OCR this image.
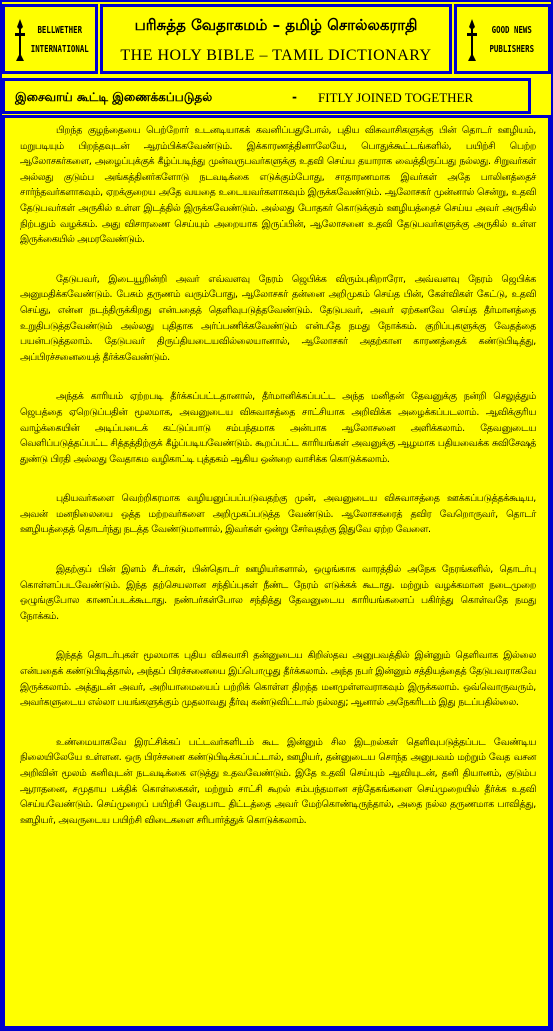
BELLWETHER
INTERNATIONAL
பரிசுத்த வேதாகமம் – தமிழ் சொல்லகராதி
THE HOLY BIBLE – TAMIL DICTIONARY
GOOD NEWS
PUBLISHERS
இசைவாய் கூட்டி இணைக்கப்படுதல்	- FITLY JOINED TOGETHER

பிறந்த குழந்தையை பெற்றோர் உடனடியாகக் கவனிப்பதுபோல், புதிய விசுவாசிகளுக்கு பின் தொடர் ஊழியம், மறுபடியும் பிறந்தவுடன் ஆரம்பிக்கவேண்டும். இக்காரணத்தினாலேயே, பொதுக்கூட்டங்களில், பயிற்சி பெற்ற ஆலோசகர்களை, அழைப்புக்குக் கீழ்ப்படிந்து முன்வருபவர்களுக்கு உதவி செய்ய தயாராக வைத்திருப்பது நல்லது. சிறுவர்கள் அல்லது குடும்ப அங்கத்தினர்களோடு நடவடிக்கை எடுக்கும்போது, சாதாரணமாக இவர்கள் அதே பாலினத்தைச் சார்ந்தவர்களாகவும், ஏறக்குறைய அதே வயதை உடையவர்களாகவும் இருக்கவேண்டும். ஆலோசகர் முன்னால் சென்று, உதவி தேடுபவர்கள் அருகில் உள்ள இடத்தில் இருக்கவேண்டும். அல்லது போதகர் கொடுக்கும் ஊழியத்தைச் செய்ய அவர் அருகில் நிற்பதும் வழக்கம். அது விசாரணை செய்யும் அறையாக இருப்பின், ஆலோசனை உதவி தேடுபவர்களுக்கு அருகில் உள்ள இருக்கையில் அமரவேண்டும்.

தேடுபவர், இடையூறின்றி அவர் எவ்வளவு நேரம் ஜெபிக்க விரும்புகிறாரோ, அவ்வளவு நேரம் ஜெபிக்க அனுமதிக்கவேண்டும். பேசும் தருணம் வரும்போது, ஆலோசகர் தன்னை அறிமுகம் செய்த பின், கேள்விகள் கேட்டு, உதவி செய்து, என்ன நடந்திருக்கிறது என்பதைத் தெளிவுபடுத்தவேண்டும். தேடுபவர், அவர் ஏற்கனவே செய்த தீர்மானத்தை உறுதிபடுத்தவேண்டும் அல்லது புதிதாக அர்ப்பணிக்கவேண்டும் என்பதே நமது நோக்கம். குறிப்புகளுக்கு வேதத்தை பயன்படுத்தலாம். தேடுபவர் திருப்தியடையவில்லையானால், ஆலோசகர் அதற்கான காரணத்தைக் கண்டுபிடித்து, அப்பிரச்சனையைத் தீர்க்கவேண்டும்.

அந்தக் காரியம் ஏற்றபடி தீர்க்கப்பட்டதானால், தீர்மானிக்கப்பட்ட அந்த மனிதன் தேவனுக்கு நன்றி செலுத்தும் ஜெபத்தை ஏறெடுப்பதின் மூலமாக, அவனுடைய விசுவாசத்தை சாட்சியாக அறிவிக்க அழைக்கப்படலாம். ஆவிக்குரிய வாழ்க்கையின் அடிப்படைக் கட்டுப்பாடு சம்பந்தமாக அன்பாக ஆலோசனை அளிக்கலாம். தேவனுடைய வெளிப்படுத்தப்பட்ட சித்தத்திற்குக் கீழ்ப்படியவேண்டும். கூறப்பட்ட காரியங்கள் அவனுக்கு ஆழமாக பதியவைக்க சுவிசேஷத் துண்டு பிரதி அல்லது வேதாகம வழிகாட்டி புத்தகம் ஆகிய ஒன்றை வாசிக்க கொடுக்கலாம்.

புதியவர்களை வெற்றிகரமாக வழியனுப்பப்படுவதற்கு முன், அவனுடைய விசுவாசத்தை ஊக்கப்படுத்தக்கூடிய, அவன் மனநிலையை ஒத்த மற்றவர்களை அறிமுகப்படுத்த வேண்டும். ஆலோசகரைத் தவிர வேறொருவர், தொடர் ஊழியத்தைத் தொடர்ந்து நடத்த வேண்டுமானால், இவர்கள் ஒன்று சேர்வதற்கு இதுவே ஏற்ற வேளை.

இதற்குப் பின் இளம் சீடர்கள், பின்தொடர் ஊழியர்களால், ஒழுங்காக வாரத்தில் அநேக நேரங்களில், தொடர்பு கொள்ளப்படவேண்டும். இந்த தற்செயலான சந்திப்புகள் நீண்ட நேரம் எடுக்கக் கூடாது. மற்றும் வழக்கமான நடைமுறை ஒழுங்குபோல காணப்படக்கூடாது. நண்பர்கள்போல சந்தித்து தேவனுடைய காரியங்களைப் பகிர்ந்து கொள்வதே நமது நோக்கம்.

இந்தத் தொடர்புகள் மூலமாக புதிய விசுவாசி தன்னுடைய கிறிஸ்தவ அனுபவத்தில் இன்னும் தெளிவாக இல்லை என்பதைக் கண்டுபிடித்தால், அந்தப் பிரச்சனையை இப்பொழுது தீர்க்கலாம். அந்த நபர் இன்னும் சத்தியத்தைத் தேடுபவராகவே இருக்கலாம். அத்துடன் அவர், அறியாமையைப் பற்றிக் கொள்ள திறந்த மனமுள்ளவராகவும் இருக்கலாம். ஒவ்வொருவரும், அவர்களுடைய எல்லா பயங்களுக்கும் முதலாவது தீர்வு கண்டுவிட்டால் நல்லது; ஆனால் அநேகரிடம் இது நடப்பதில்லை.

உண்மையாகவே இரட்சிக்கப் பட்டவர்களிடம் கூட இன்னும் சில இடறல்கள் தெளிவுபடுத்தப்பட வேண்டிய நிலையிலேயே உள்ளன. ஒரு பிரச்சனை கண்டுபிடிக்கப்பட்டால், ஊழியர், தன்னுடைய சொந்த அனுபவம் மற்றும் வேத வசன அறிவின் மூலம் கனிவுடன் நடவடிக்கை எடுத்து உதவவேண்டும். இதே உதவி செய்யும் ஆவியுடன், தனி தியானம், குடும்ப ஆராதனை, சமுதாய பக்திக் கொள்கைகள், மற்றும் சாட்சி கூறல் சம்பந்தமான சந்தேகங்களை செய்முறையில் தீர்க்க உதவி செய்யவேண்டும். செய்முறைப் பயிற்சி வேதபாட திட்டத்தை அவர் மேற்கொண்டிருந்தால், அதை நல்ல தருணமாக பாவித்து, ஊழியர், அவருடைய பயிற்சி விடைகளை சரிபார்த்துக் கொடுக்கலாம்.
